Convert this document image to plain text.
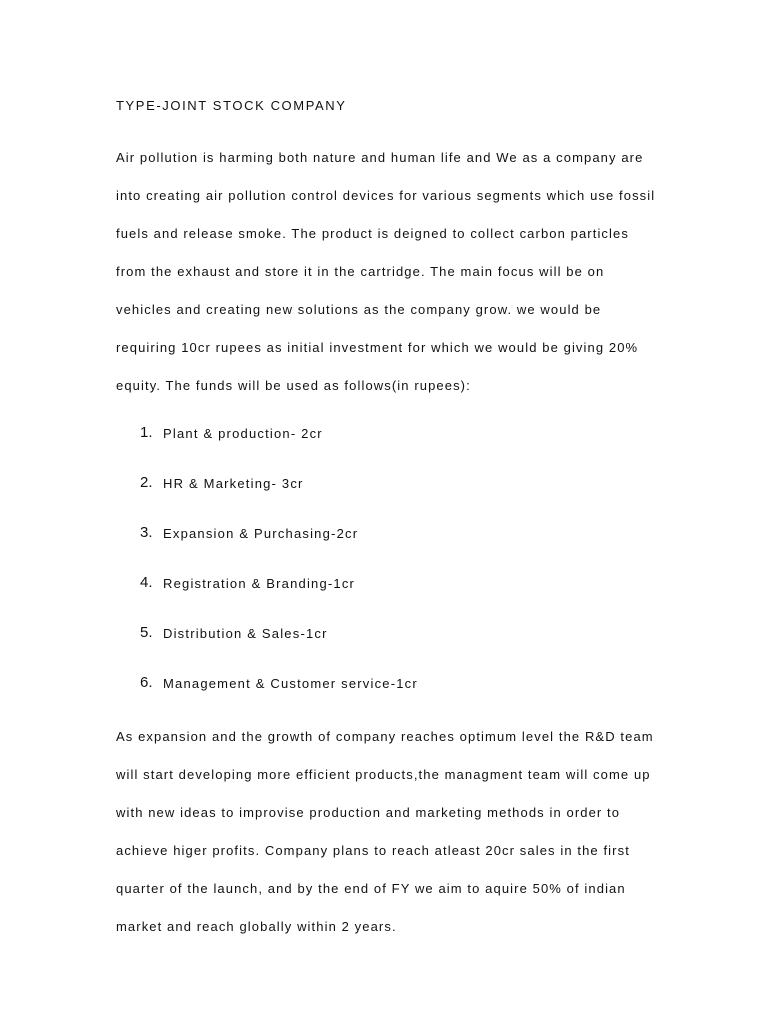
TYPE-JOINT STOCK COMPANY
Air pollution is harming both nature and human life and We as a company are
into creating air pollution control devices for various segments which use fossil
fuels and release smoke. The product is deigned to collect carbon particles
from the exhaust and store it in the cartridge. The main focus will be on
vehicles and creating new solutions as the company grow. we would be
requiring 10cr rupees as initial investment for which we would be giving 20%
equity. The funds will be used as follows(in rupees):
1. Plant & production- 2cr
2. HR & Marketing- 3cr
3. Expansion & Purchasing-2cr
4. Registration & Branding-1cr
5. Distribution & Sales-1cr
6. Management & Customer service-1cr
As expansion and the growth of company reaches optimum level the R&D team
will start developing more efficient products,the managment team will come up
with new ideas to improvise production and marketing methods in order to
achieve higer profits. Company plans to reach atleast 20cr sales in the first
quarter of the launch, and by the end of FY we aim to aquire 50% of indian
market and reach globally within 2 years.
